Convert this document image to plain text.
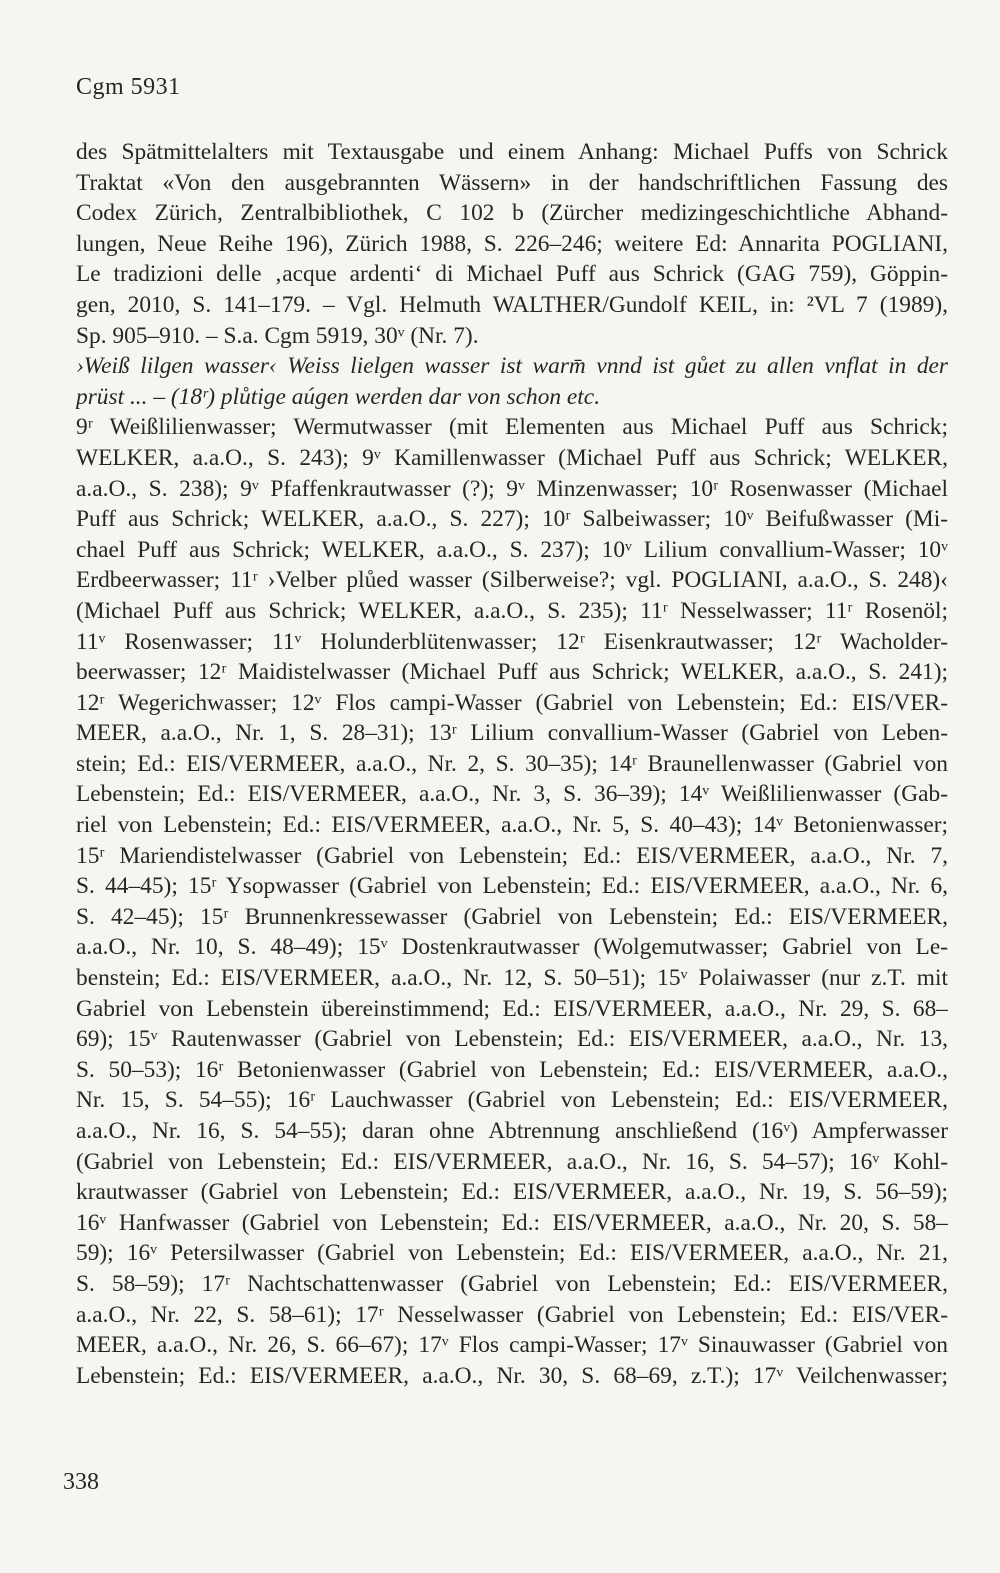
Cgm 5931
des Spätmittelalters mit Textausgabe und einem Anhang: Michael Puffs von Schrick
Traktat «Von den ausgebrannten Wässern» in der handschriftlichen Fassung des
Codex Zürich, Zentralbibliothek, C 102 b (Zürcher medizingeschichtliche Abhand-
lungen, Neue Reihe 196), Zürich 1988, S. 226–246; weitere Ed: Annarita POGLIANI,
Le tradizioni delle ‚acque ardenti‘ di Michael Puff aus Schrick (GAG 759), Göppin-
gen, 2010, S. 141–179. – Vgl. Helmuth WALTHER/Gundolf KEIL, in: ²VL 7 (1989),
Sp. 905–910. – S.a. Cgm 5919, 30ᵛ (Nr. 7).
›Weiß lilgen wasser‹ Weiss lielgen wasser ist warm̄ vnnd ist gůet zu allen vnflat in der
prüst ... – (18ʳ) plůtige aúgen werden dar von schon etc.
9ʳ Weißlilienwasser; Wermutwasser (mit Elementen aus Michael Puff aus Schrick;
WELKER, a.a.O., S. 243); 9ᵛ Kamillenwasser (Michael Puff aus Schrick; WELKER,
a.a.O., S. 238); 9ᵛ Pfaffenkrautwasser (?); 9ᵛ Minzenwasser; 10ʳ Rosenwasser (Michael
Puff aus Schrick; WELKER, a.a.O., S. 227); 10ʳ Salbeiwasser; 10ᵛ Beifußwasser (Mi-
chael Puff aus Schrick; WELKER, a.a.O., S. 237); 10ᵛ Lilium convallium-Wasser; 10ᵛ
Erdbeerwasser; 11ʳ ›Velber plůed wasser (Silberweise?; vgl. POGLIANI, a.a.O., S. 248)‹
(Michael Puff aus Schrick; WELKER, a.a.O., S. 235); 11ʳ Nesselwasser; 11ʳ Rosenöl;
11ᵛ Rosenwasser; 11ᵛ Holunderblütenwasser; 12ʳ Eisenkrautwasser; 12ʳ Wacholder-
beerwasser; 12ʳ Maidistelwasser (Michael Puff aus Schrick; WELKER, a.a.O., S. 241);
12ʳ Wegerichwasser; 12ᵛ Flos campi-Wasser (Gabriel von Lebenstein; Ed.: EIS/VER-
MEER, a.a.O., Nr. 1, S. 28–31); 13ʳ Lilium convallium-Wasser (Gabriel von Leben-
stein; Ed.: EIS/VERMEER, a.a.O., Nr. 2, S. 30–35); 14ʳ Braunellenwasser (Gabriel von
Lebenstein; Ed.: EIS/VERMEER, a.a.O., Nr. 3, S. 36–39); 14ᵛ Weißlilienwasser (Gab-
riel von Lebenstein; Ed.: EIS/VERMEER, a.a.O., Nr. 5, S. 40–43); 14ᵛ Betonienwasser;
15ʳ Mariendistelwasser (Gabriel von Lebenstein; Ed.: EIS/VERMEER, a.a.O., Nr. 7,
S. 44–45); 15ʳ Ysopwasser (Gabriel von Lebenstein; Ed.: EIS/VERMEER, a.a.O., Nr. 6,
S. 42–45); 15ʳ Brunnenkressewasser (Gabriel von Lebenstein; Ed.: EIS/VERMEER,
a.a.O., Nr. 10, S. 48–49); 15ᵛ Dostenkrautwasser (Wolgemutwasser; Gabriel von Le-
benstein; Ed.: EIS/VERMEER, a.a.O., Nr. 12, S. 50–51); 15ᵛ Polaiwasser (nur z.T. mit
Gabriel von Lebenstein übereinstimmend; Ed.: EIS/VERMEER, a.a.O., Nr. 29, S. 68–
69); 15ᵛ Rautenwasser (Gabriel von Lebenstein; Ed.: EIS/VERMEER, a.a.O., Nr. 13,
S. 50–53); 16ʳ Betonienwasser (Gabriel von Lebenstein; Ed.: EIS/VERMEER, a.a.O.,
Nr. 15, S. 54–55); 16ʳ Lauchwasser (Gabriel von Lebenstein; Ed.: EIS/VERMEER,
a.a.O., Nr. 16, S. 54–55); daran ohne Abtrennung anschließend (16ᵛ) Ampferwasser
(Gabriel von Lebenstein; Ed.: EIS/VERMEER, a.a.O., Nr. 16, S. 54–57); 16ᵛ Kohl-
krautwasser (Gabriel von Lebenstein; Ed.: EIS/VERMEER, a.a.O., Nr. 19, S. 56–59);
16ᵛ Hanfwasser (Gabriel von Lebenstein; Ed.: EIS/VERMEER, a.a.O., Nr. 20, S. 58–
59); 16ᵛ Petersilwasser (Gabriel von Lebenstein; Ed.: EIS/VERMEER, a.a.O., Nr. 21,
S. 58–59); 17ʳ Nachtschattenwasser (Gabriel von Lebenstein; Ed.: EIS/VERMEER,
a.a.O., Nr. 22, S. 58–61); 17ʳ Nesselwasser (Gabriel von Lebenstein; Ed.: EIS/VER-
MEER, a.a.O., Nr. 26, S. 66–67); 17ᵛ Flos campi-Wasser; 17ᵛ Sinauwasser (Gabriel von
Lebenstein; Ed.: EIS/VERMEER, a.a.O., Nr. 30, S. 68–69, z.T.); 17ᵛ Veilchenwasser;
338
